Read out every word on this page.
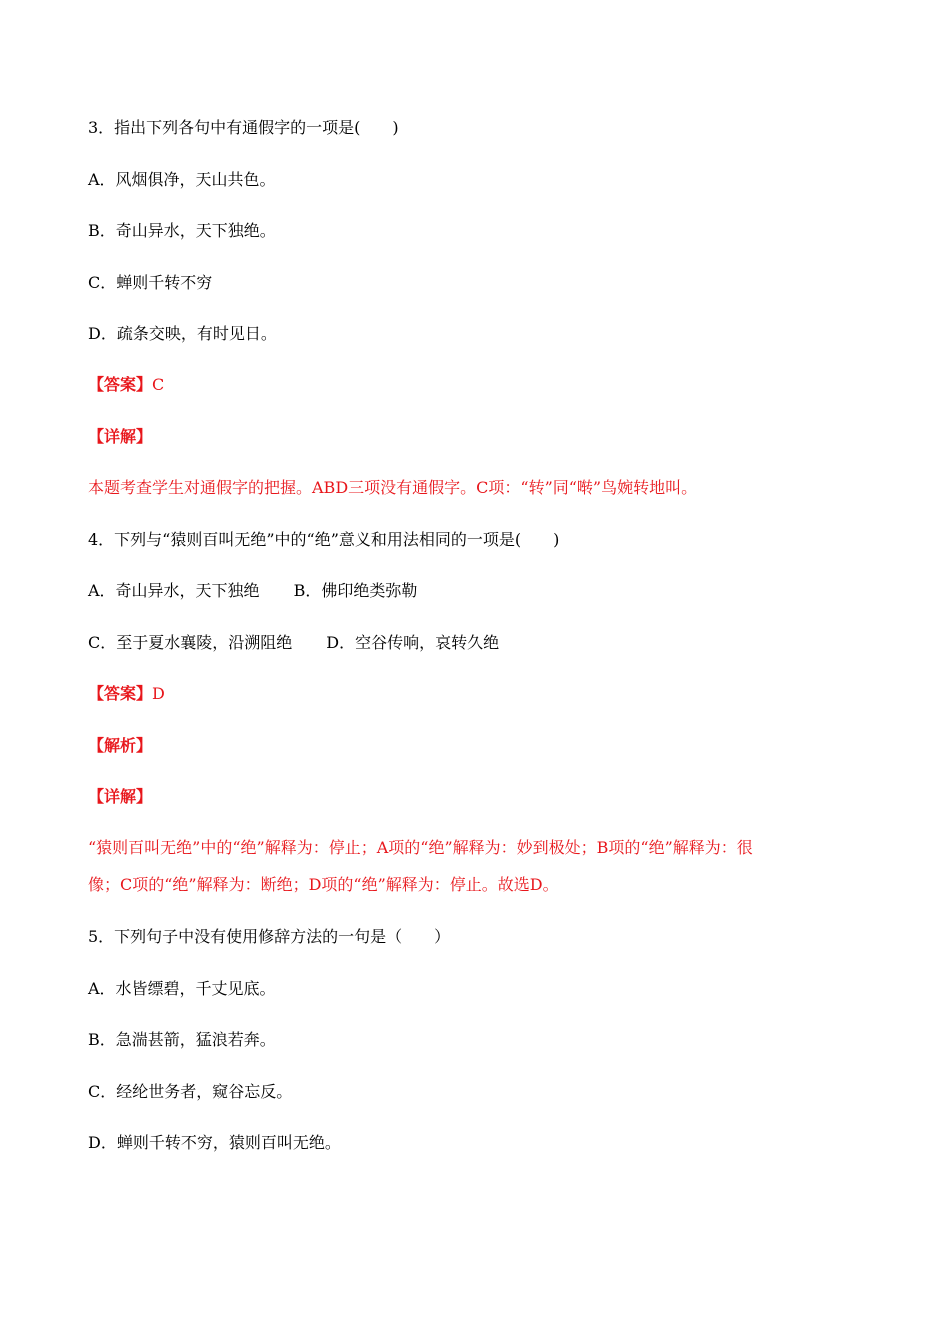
3．指出下列各句中有通假字的一项是(　　)
A．风烟俱净，天山共色。
B．奇山异水，天下独绝。
C．蝉则千转不穷
D．疏条交映，有时见日。
【答案】C
【详解】
本题考查学生对通假字的把握。ABD三项没有通假字。C项：“转”同“啭”鸟婉转地叫。
4．下列与“猿则百叫无绝”中的“绝”意义和用法相同的一项是(　　)
A．奇山异水，天下独绝 B．佛印绝类弥勒
C．至于夏水襄陵，沿溯阻绝 D．空谷传响，哀转久绝
【答案】D
【解析】
【详解】
“猿则百叫无绝”中的“绝”解释为：停止；A项的“绝”解释为：妙到极处；B项的“绝”解释为：很
像；C项的“绝”解释为：断绝；D项的“绝”解释为：停止。故选D。
5．下列句子中没有使用修辞方法的一句是（　　）
A．水皆缥碧，千丈见底。
B．急湍甚箭，猛浪若奔。
C．经纶世务者，窥谷忘反。
D．蝉则千转不穷，猿则百叫无绝。
